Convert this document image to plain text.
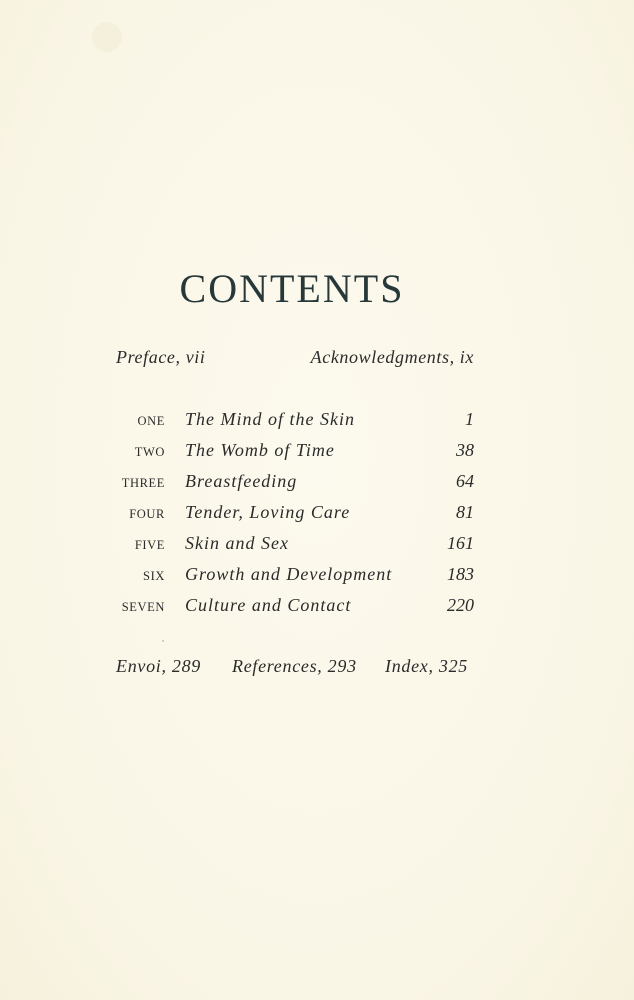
CONTENTS
Preface, vii	Acknowledgments, ix
ONE The Mind of the Skin	1
TWO The Womb of Time	38
THREE Breastfeeding	64
FOUR Tender, Loving Care	81
FIVE Skin and Sex	161
SIX Growth and Development	183
SEVEN Culture and Contact	220
Envoi, 289 References, 293 Index, 325
